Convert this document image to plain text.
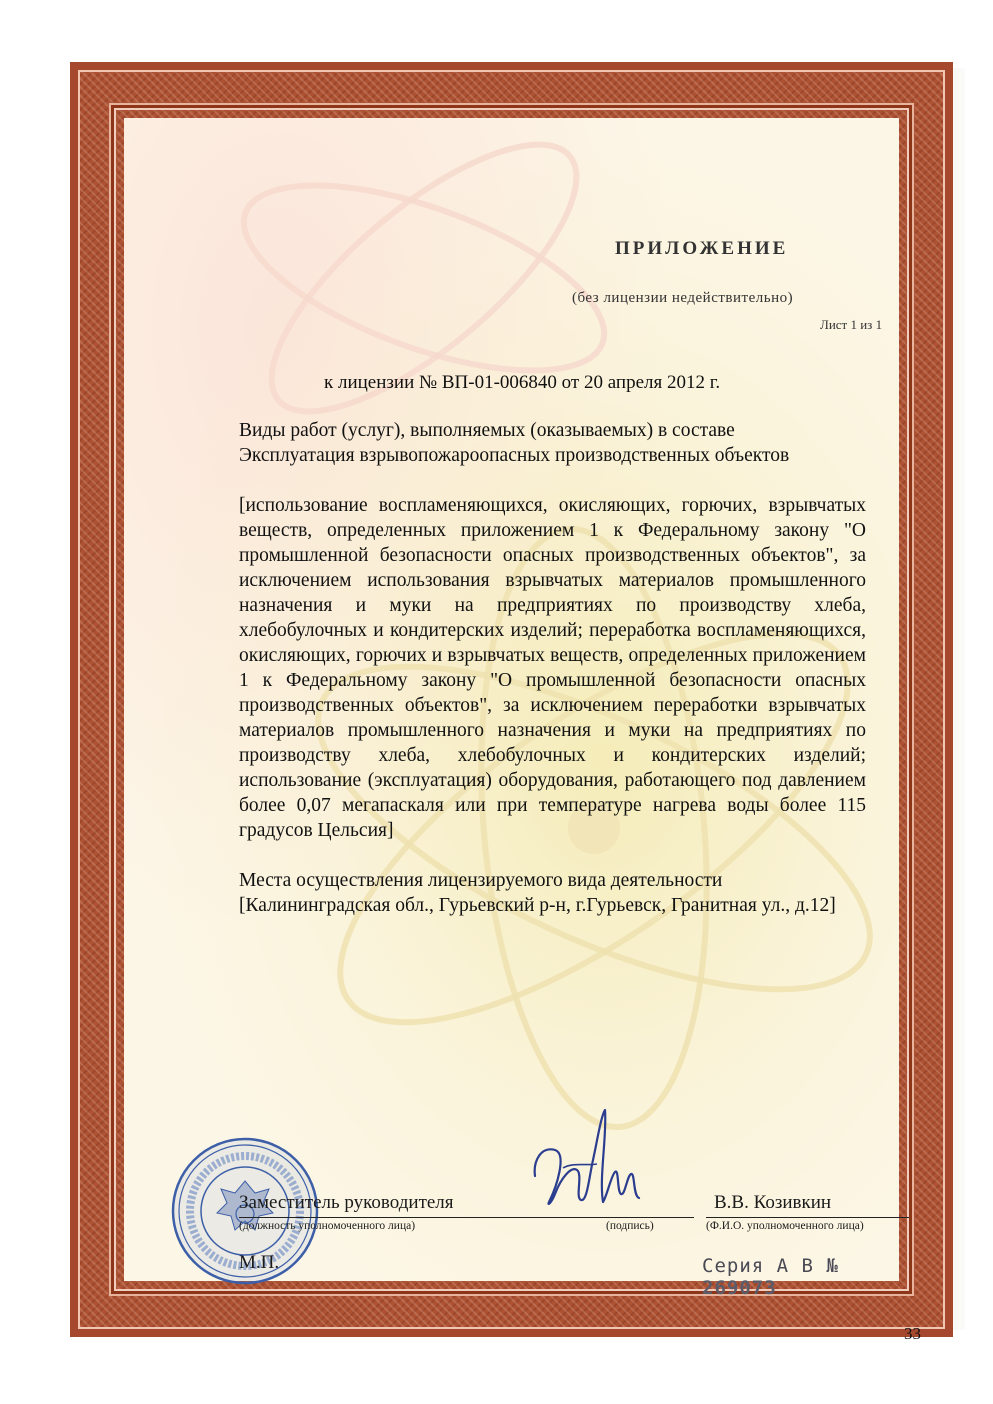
ПРИЛОЖЕНИЕ
(без лицензии недействительно)
Лист 1 из 1
к лицензии № ВП-01-006840 от 20 апреля 2012 г.

Виды работ (услуг), выполняемых (оказываемых) в составе

Эксплуатация взрывопожароопасных производственных объектов

[использование воспламеняющихся, окисляющих, горючих, взрывчатых веществ, определенных приложением 1 к Федеральному закону "О промышленной безопасности опасных производственных объектов", за исключением использования взрывчатых материалов промышленного назначения и муки на предприятиях по производству хлеба, хлебобулочных и кондитерских изделий; переработка воспламеняющихся, окисляющих, горючих и взрывчатых веществ, определенных приложением 1 к Федеральному закону "О промышленной безопасности опасных производственных объектов", за исключением переработки взрывчатых материалов промышленного назначения и муки на предприятиях по производству хлеба, хлебобулочных и кондитерских изделий; использование (эксплуатация) оборудования, работающего под давлением более 0,07 мегапаскаля или при температуре нагрева воды более 115 градусов Цельсия]

Места осуществления лицензируемого вида деятельности

[Калининградская обл., Гурьевский р-н, г.Гурьевск, Гранитная ул., д.12]

Заместитель руководителя
(должность уполномоченного лица)	(подпись)
В.В. Козивкин
(Ф.И.О. уполномоченного лица)
М.П.	Серия А В № 269073
33
